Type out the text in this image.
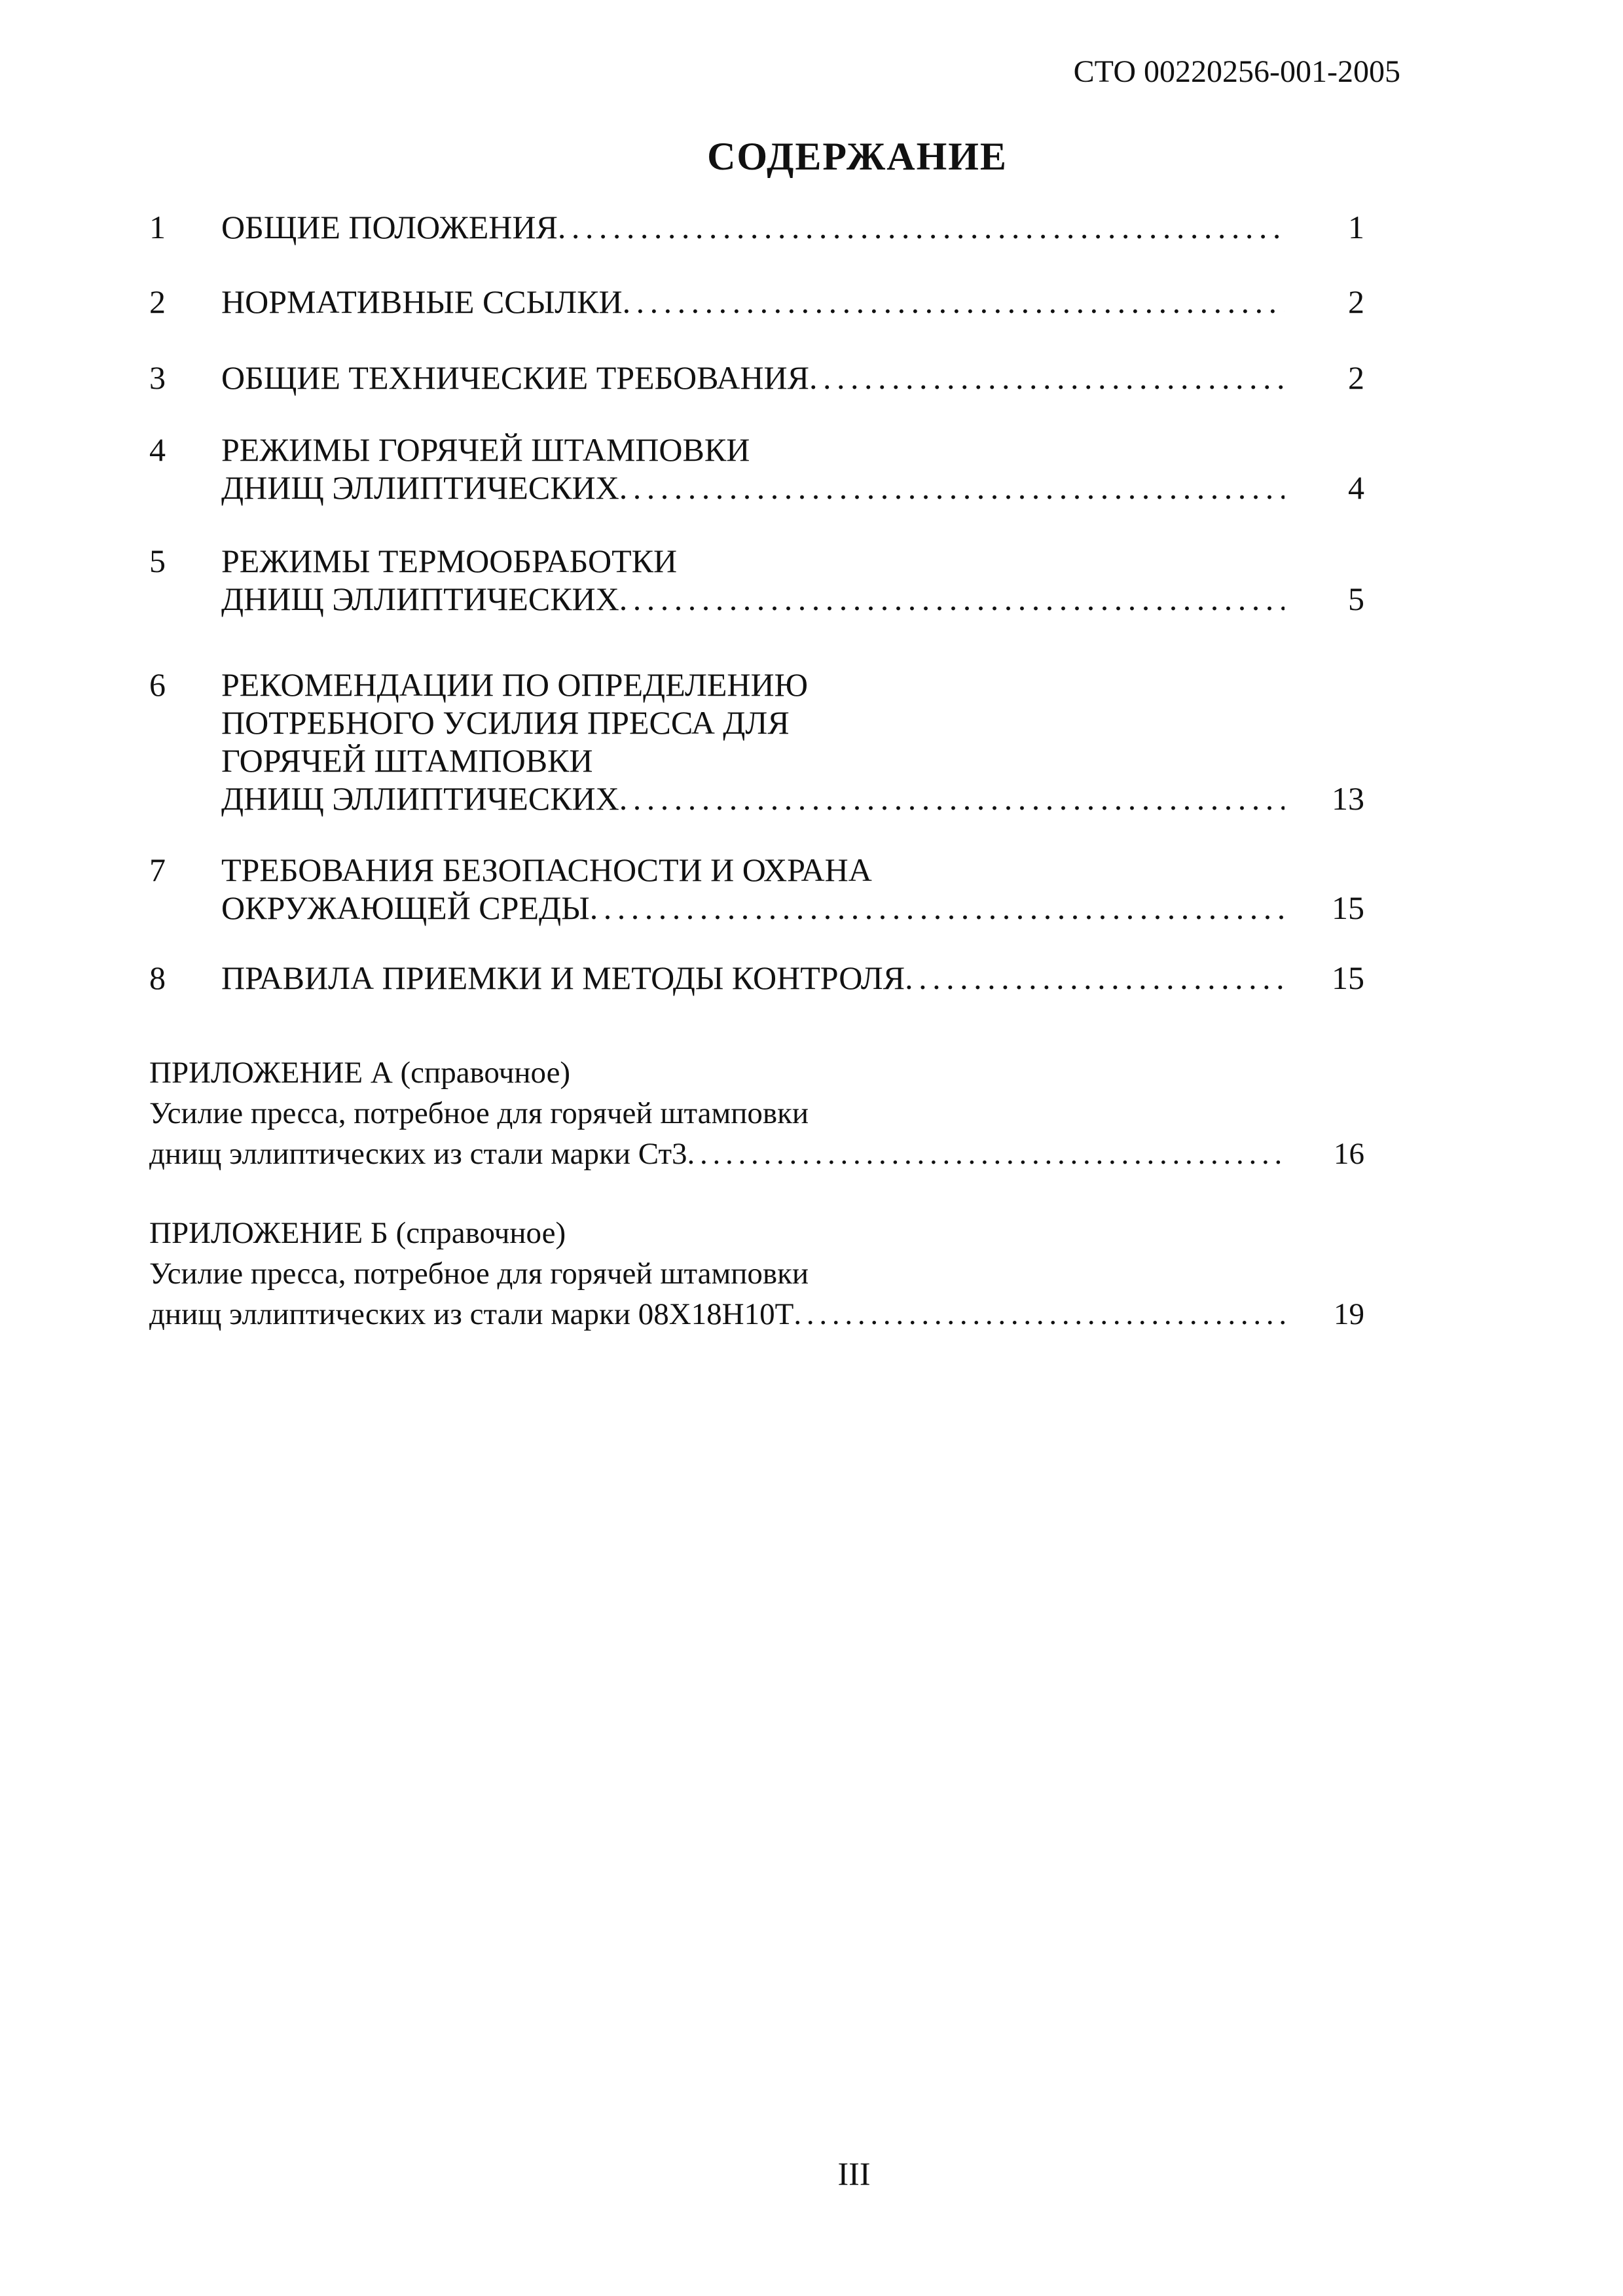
СТО 00220256-001-2005
СОДЕРЖАНИЕ
1 ОБЩИЕ ПОЛОЖЕНИЯ . . .	1
2 НОРМАТИВНЫЕ ССЫЛКИ . . .	2
3 ОБЩИЕ ТЕХНИЧЕСКИЕ ТРЕБОВАНИЯ . . .	2
4 РЕЖИМЫ ГОРЯЧЕЙ ШТАМПОВКИ
ДНИЩ ЭЛЛИПТИЧЕСКИХ . . .	4
5 РЕЖИМЫ ТЕРМООБРАБОТКИ
ДНИЩ ЭЛЛИПТИЧЕСКИХ . . .	5
6 РЕКОМЕНДАЦИИ ПО ОПРЕДЕЛЕНИЮ
ПОТРЕБНОГО УСИЛИЯ ПРЕССА ДЛЯ
ГОРЯЧЕЙ ШТАМПОВКИ
ДНИЩ ЭЛЛИПТИЧЕСКИХ . . .	13
7 ТРЕБОВАНИЯ БЕЗОПАСНОСТИ И ОХРАНА
ОКРУЖАЮЩЕЙ СРЕДЫ . . .	15
8 ПРАВИЛА ПРИЕМКИ И МЕТОДЫ КОНТРОЛЯ . . .	15
ПРИЛОЖЕНИЕ А (справочное)
Усилие пресса, потребное для горячей штамповки
днищ эллиптических из стали марки Ст3 . . .	16
ПРИЛОЖЕНИЕ Б (справочное)
Усилие пресса, потребное для горячей штамповки
днищ эллиптических из стали марки 08Х18Н10Т . . .	19
III
